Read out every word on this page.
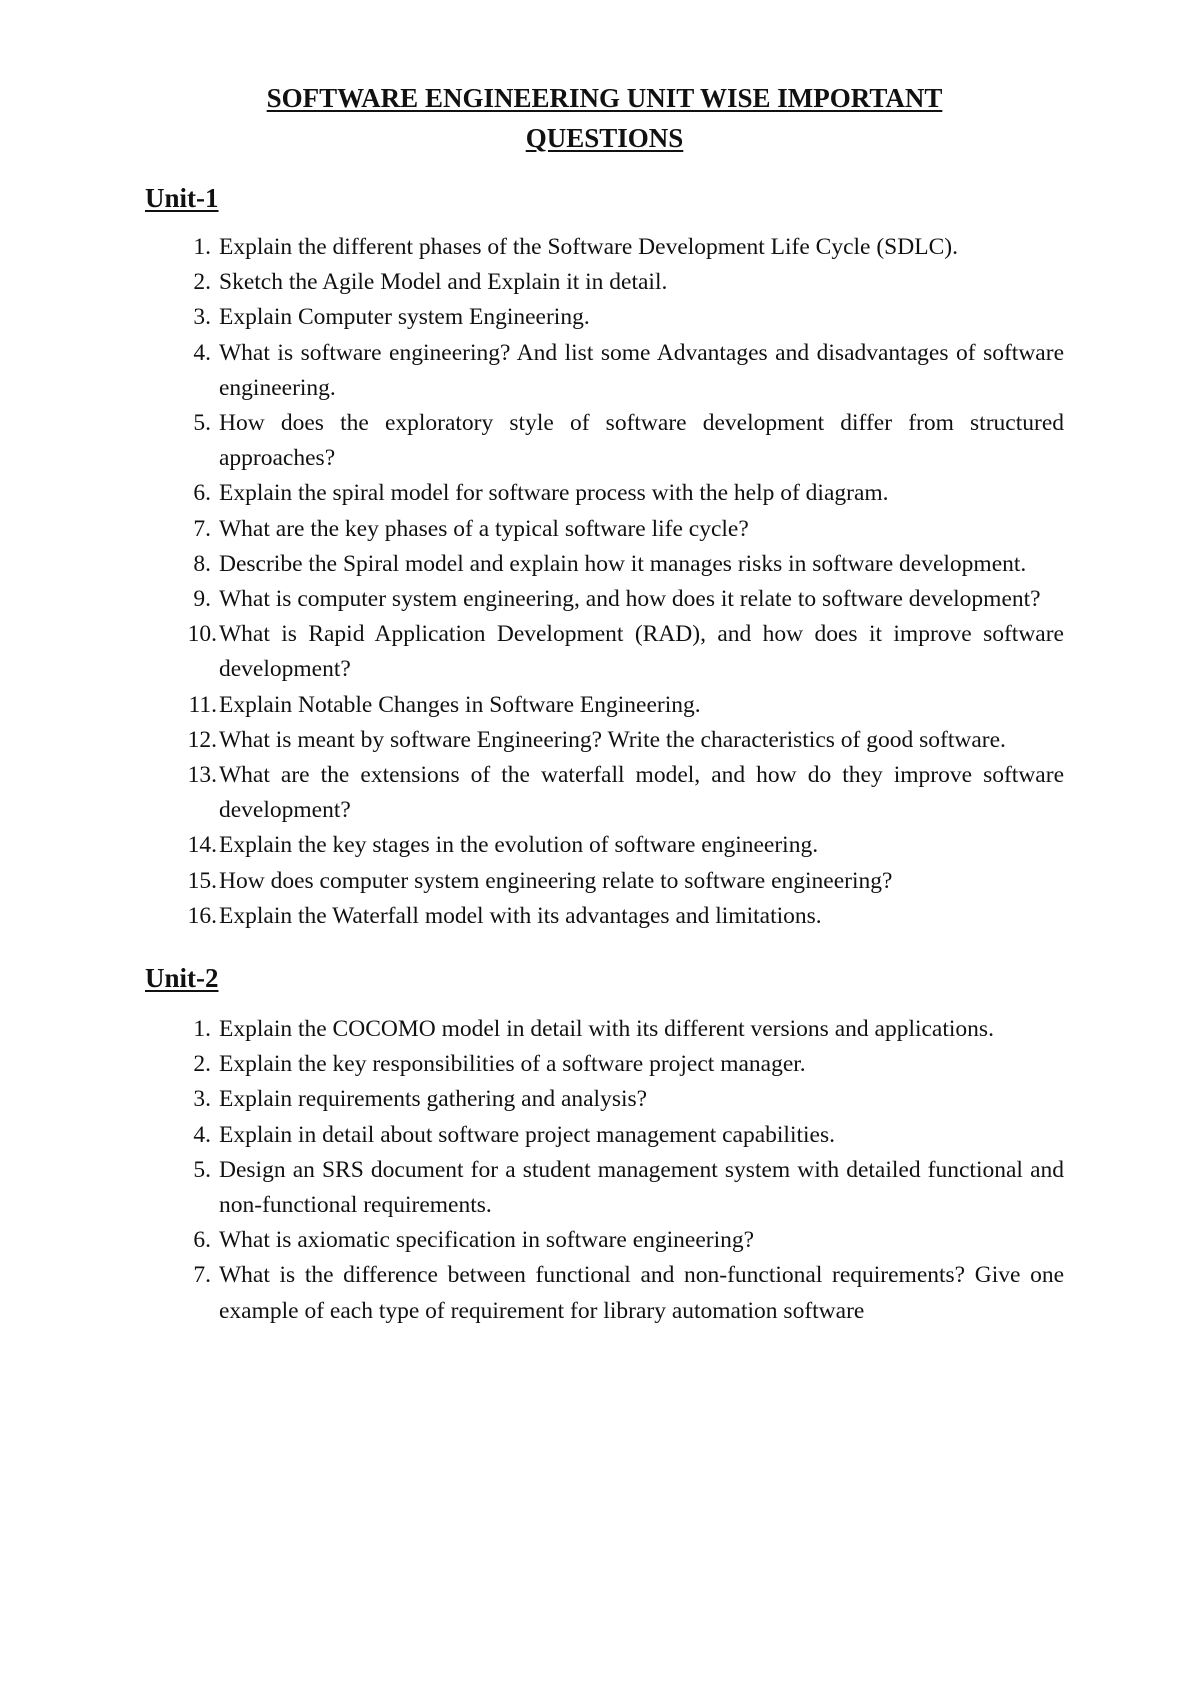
SOFTWARE ENGINEERING UNIT WISE IMPORTANT
QUESTIONS
Unit-1
1. Explain the different phases of the Software Development Life Cycle (SDLC).
2. Sketch the Agile Model and Explain it in detail.
3. Explain Computer system Engineering.
4. What is software engineering? And list some Advantages and disadvantages of software engineering.
5. How does the exploratory style of software development differ from structured approaches?
6. Explain the spiral model for software process with the help of diagram.
7. What are the key phases of a typical software life cycle?
8. Describe the Spiral model and explain how it manages risks in software development.
9. What is computer system engineering, and how does it relate to software development?
10. What is Rapid Application Development (RAD), and how does it improve software development?
11. Explain Notable Changes in Software Engineering.
12. What is meant by software Engineering? Write the characteristics of good software.
13. What are the extensions of the waterfall model, and how do they improve software development?
14. Explain the key stages in the evolution of software engineering.
15. How does computer system engineering relate to software engineering?
16. Explain the Waterfall model with its advantages and limitations.
Unit-2
1. Explain the COCOMO model in detail with its different versions and applications.
2. Explain the key responsibilities of a software project manager.
3. Explain requirements gathering and analysis?
4. Explain in detail about software project management capabilities.
5. Design an SRS document for a student management system with detailed functional and non-functional requirements.
6. What is axiomatic specification in software engineering?
7. What is the difference between functional and non-functional requirements? Give one example of each type of requirement for library automation software
